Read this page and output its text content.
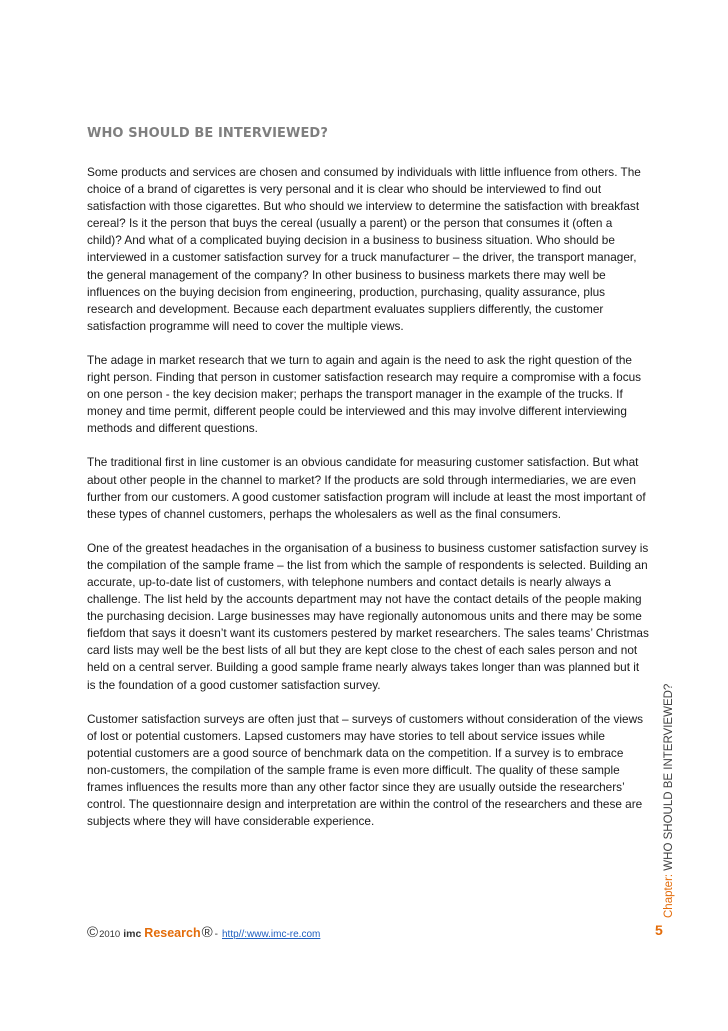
WHO SHOULD BE INTERVIEWED?

Some products and services are chosen and consumed by individuals with little influence from others. The choice of a brand of cigarettes is very personal and it is clear who should be interviewed to find out satisfaction with those cigarettes. But who should we interview to determine the satisfaction with breakfast cereal? Is it the person that buys the cereal (usually a parent) or the person that consumes it (often a child)? And what of a complicated buying decision in a business to business situation. Who should be interviewed in a customer satisfaction survey for a truck manufacturer – the driver, the transport manager, the general management of the company? In other business to business markets there may well be influences on the buying decision from engineering, production, purchasing, quality assurance, plus research and development. Because each department evaluates suppliers differently, the customer satisfaction programme will need to cover the multiple views.

The adage in market research that we turn to again and again is the need to ask the right question of the right person. Finding that person in customer satisfaction research may require a compromise with a focus on one person - the key decision maker; perhaps the transport manager in the example of the trucks. If money and time permit, different people could be interviewed and this may involve different interviewing methods and different questions.

The traditional first in line customer is an obvious candidate for measuring customer satisfaction. But what about other people in the channel to market? If the products are sold through intermediaries, we are even further from our customers. A good customer satisfaction program will include at least the most important of these types of channel customers, perhaps the wholesalers as well as the final consumers.

One of the greatest headaches in the organisation of a business to business customer satisfaction survey is the compilation of the sample frame – the list from which the sample of respondents is selected. Building an accurate, up-to-date list of customers, with telephone numbers and contact details is nearly always a challenge. The list held by the accounts department may not have the contact details of the people making the purchasing decision. Large businesses may have regionally autonomous units and there may be some fiefdom that says it doesn’t want its customers pestered by market researchers. The sales teams’ Christmas card lists may well be the best lists of all but they are kept close to the chest of each sales person and not held on a central server. Building a good sample frame nearly always takes longer than was planned but it is the foundation of a good customer satisfaction survey.

Customer satisfaction surveys are often just that – surveys of customers without consideration of the views of lost or potential customers. Lapsed customers may have stories to tell about service issues while potential customers are a good source of benchmark data on the competition. If a survey is to embrace non-customers, the compilation of the sample frame is even more difficult. The quality of these sample frames influences the results more than any other factor since they are usually outside the researchers’ control. The questionnaire design and interpretation are within the control of the researchers and these are subjects where they will have considerable experience.

Chapter: WHO SHOULD BE INTERVIEWED?
© 2010 imc Research ® - http//:www.imc-re.com	5
